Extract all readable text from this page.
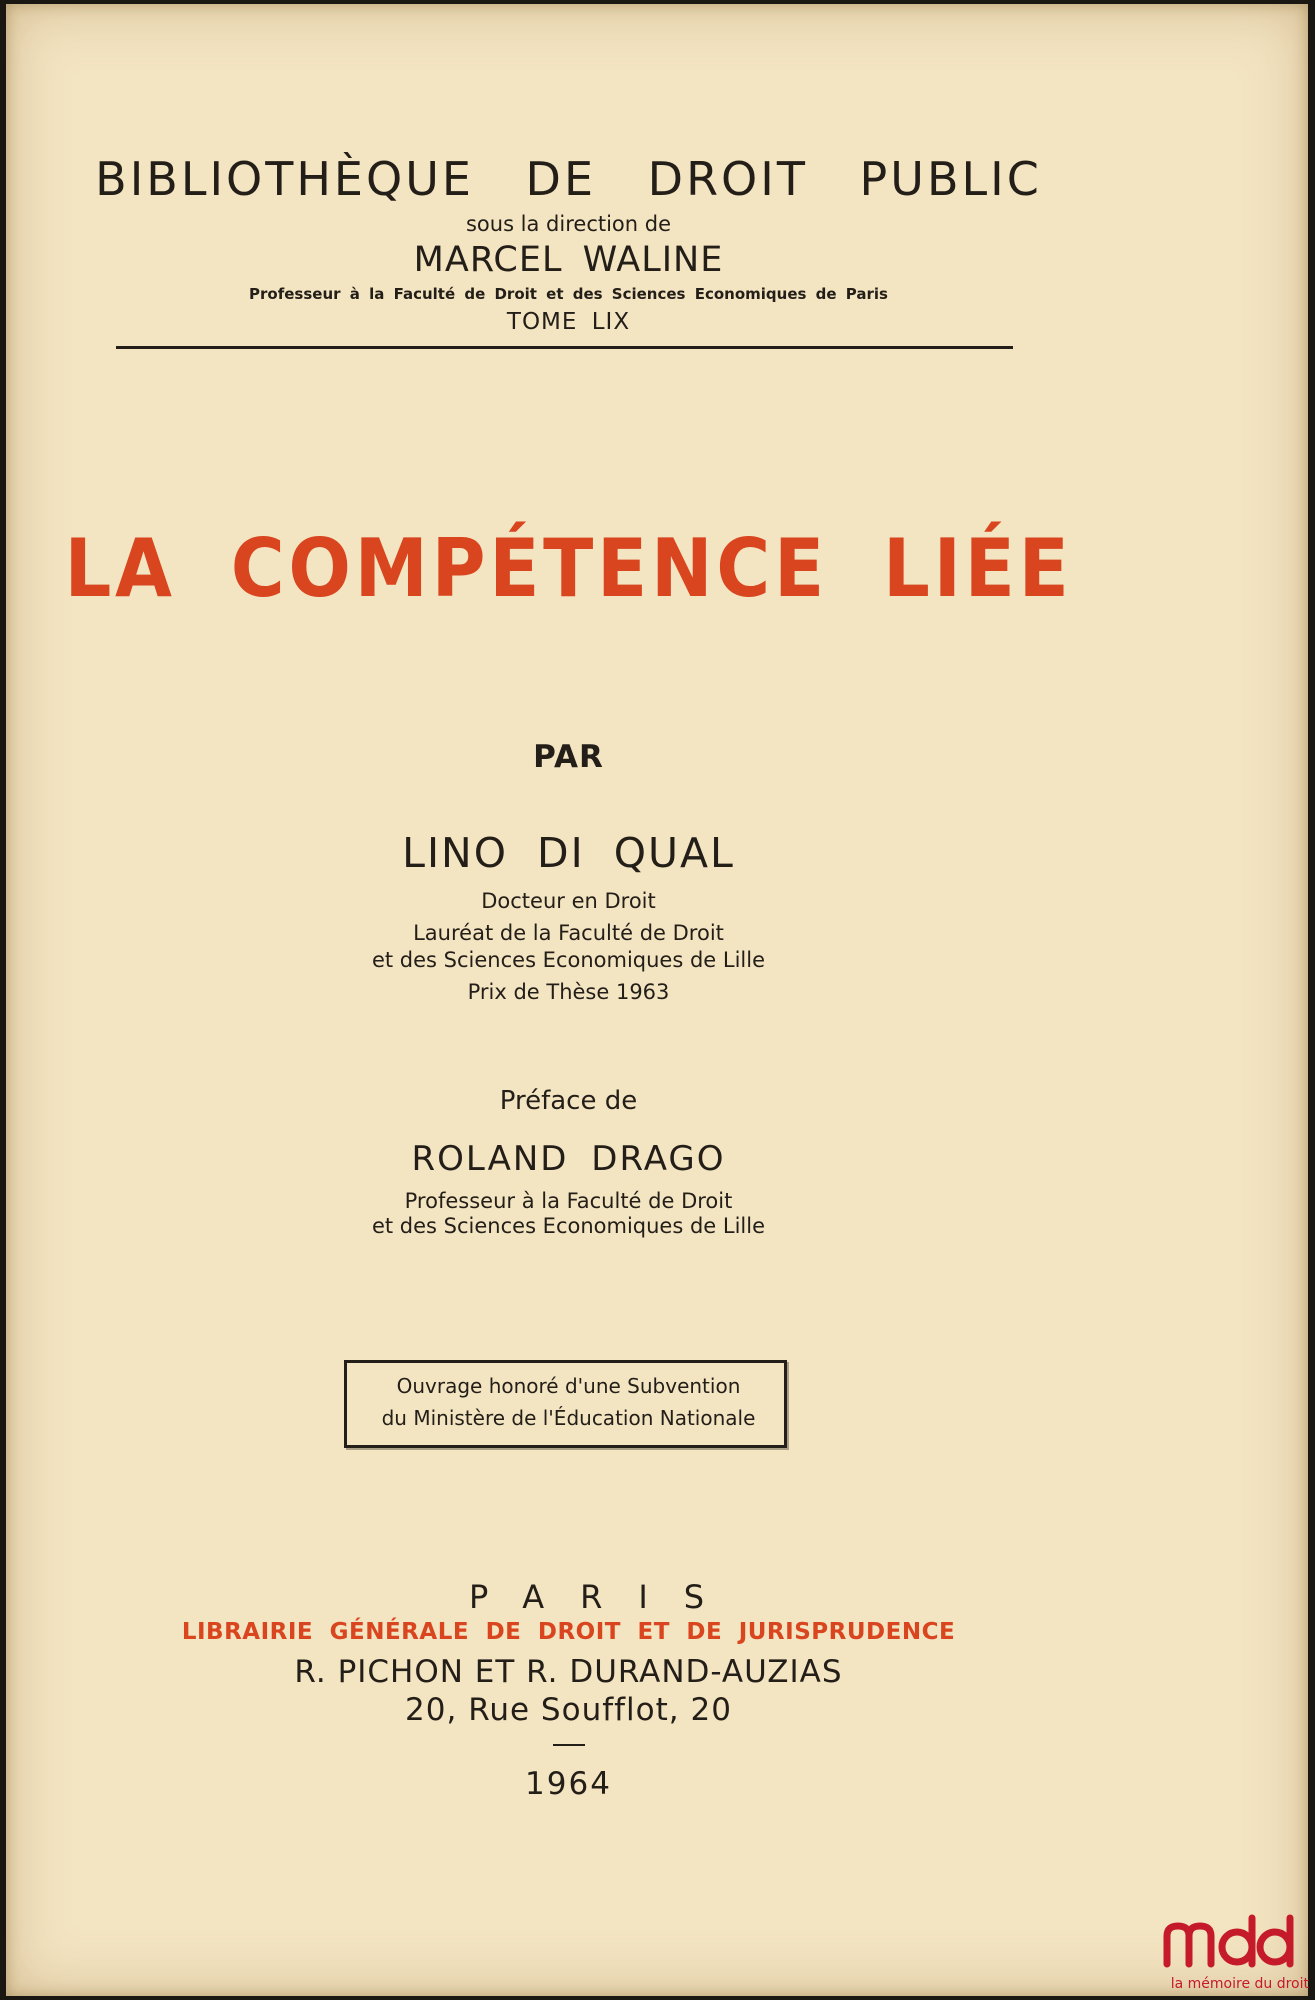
BIBLIOTHÈQUE DE DROIT PUBLIC
sous la direction de
MARCEL WALINE
Professeur à la Faculté de Droit et des Sciences Economiques de Paris
TOME LIX
LA COMPÉTENCE LIÉE
PAR
LINO DI QUAL
Docteur en Droit
Lauréat de la Faculté de Droit
et des Sciences Economiques de Lille
Prix de Thèse 1963
Préface de
ROLAND DRAGO
Professeur à la Faculté de Droit
et des Sciences Economiques de Lille
Ouvrage honoré d'une Subvention
du Ministère de l'Éducation Nationale
PARIS
LIBRAIRIE GÉNÉRALE DE DROIT ET DE JURISPRUDENCE
R. PICHON ET R. DURAND-AUZIAS
20, Rue Soufflot, 20
1964
la mémoire du droit
